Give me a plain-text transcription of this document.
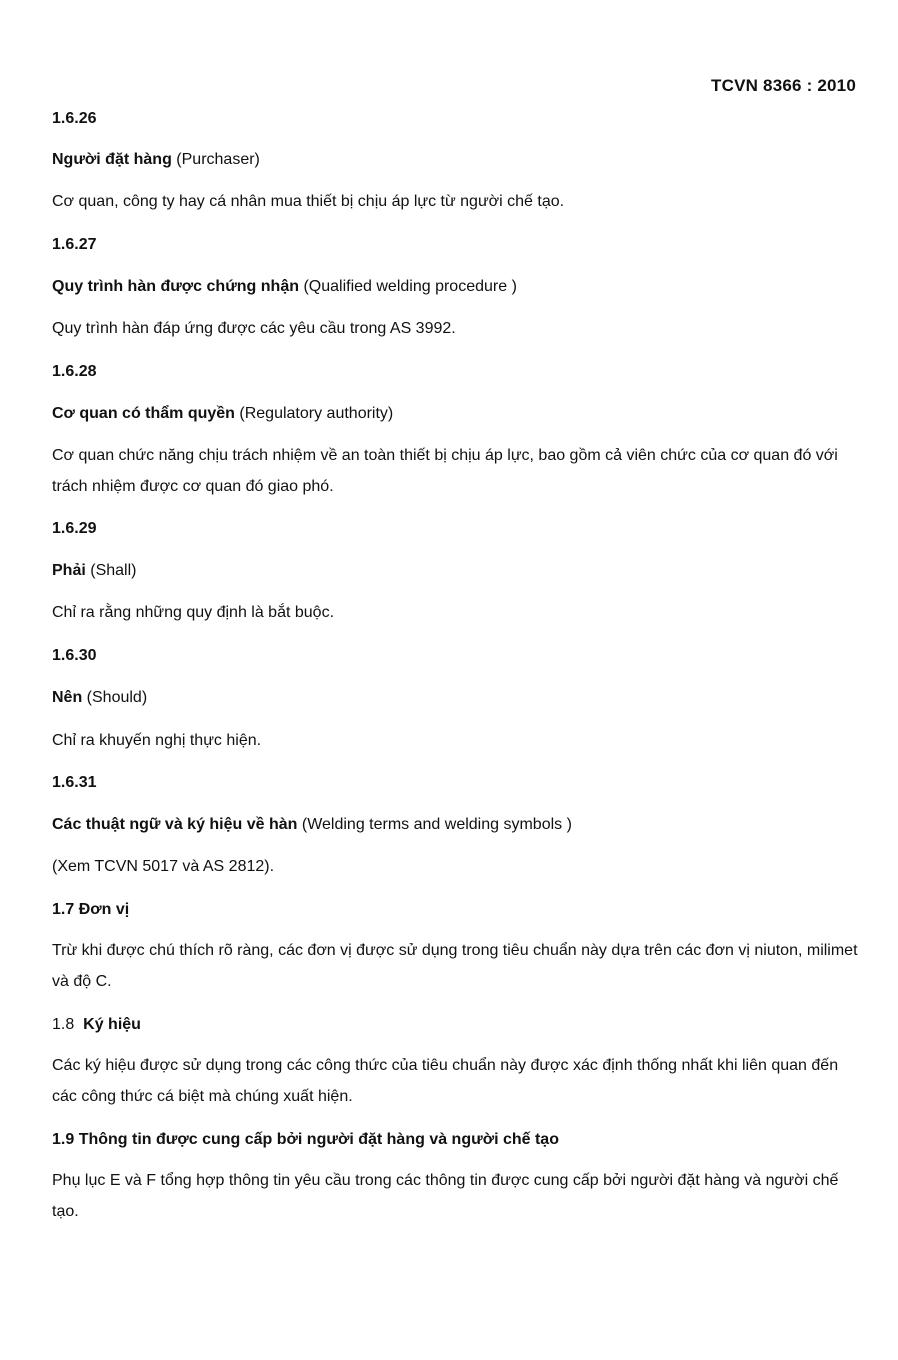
TCVN 8366 : 2010
1.6.26
Người đặt hàng (Purchaser)
Cơ quan, công ty hay cá nhân mua thiết bị chịu áp lực từ người chế tạo.
1.6.27
Quy trình hàn được chứng nhận (Qualified welding procedure )
Quy trình hàn đáp ứng được các yêu cầu trong AS 3992.
1.6.28
Cơ quan có thẩm quyền (Regulatory authority)
Cơ quan chức năng chịu trách nhiệm về an toàn thiết bị chịu áp lực, bao gồm cả viên chức của cơ quan đó với trách nhiệm được cơ quan đó giao phó.
1.6.29
Phải (Shall)
Chỉ ra rằng những quy định là bắt buộc.
1.6.30
Nên (Should)
Chỉ ra khuyến nghị thực hiện.
1.6.31
Các thuật ngữ và ký hiệu về hàn (Welding terms and welding symbols )
(Xem TCVN 5017 và AS 2812).
1.7 Đơn vị
Trừ khi được chú thích rõ ràng, các đơn vị được sử dụng trong tiêu chuẩn này dựa trên các đơn vị niuton, milimet và độ C.
1.8 Ký hiệu
Các ký hiệu được sử dụng trong các công thức của tiêu chuẩn này được xác định thống nhất khi liên quan đến các công thức cá biệt mà chúng xuất hiện.
1.9 Thông tin được cung cấp bởi người đặt hàng và người chế tạo
Phụ lục E và F tổng hợp thông tin yêu cầu trong các thông tin được cung cấp bởi người đặt hàng và người chế tạo.
